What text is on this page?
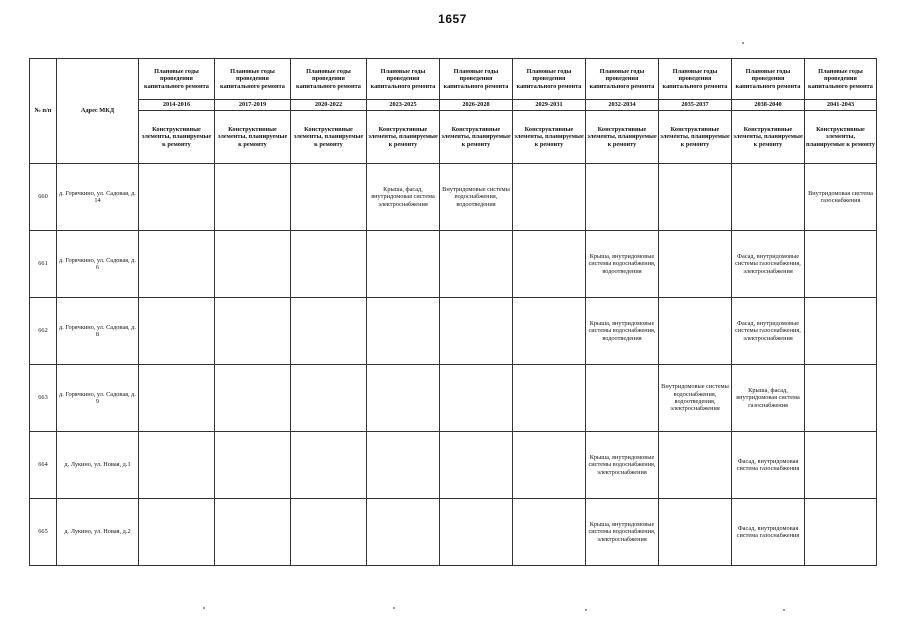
1657
№ п/п	Адрес МКД	Плановые годы проведения капитального ремонта	Плановые годы проведения капитального ремонта	Плановые годы проведения капитального ремонта	Плановые годы проведения капитального ремонта	Плановые годы проведения капитального ремонта	Плановые годы проведения капитального ремонта	Плановые годы проведения капитального ремонта	Плановые годы проведения капитального ремонта	Плановые годы проведения капитального ремонта	Плановые годы проведения капитального ремонта
		2014-2016	2017-2019	2020-2022	2023-2025	2026-2028	2029-2031	2032-2034	2035-2037	2038-2040	2041-2043
		Конструктивные элементы, планируемые к ремонту	Конструктивные элементы, планируемые к ремонту	Конструктивные элементы, планируемые к ремонту	Конструктивные элементы, планируемые к ремонту	Конструктивные элементы, планируемые к ремонту	Конструктивные элементы, планируемые к ремонту	Конструктивные элементы, планируемые к ремонту	Конструктивные элементы, планируемые к ремонту	Конструктивные элементы, планируемые к ремонту	Конструктивные элементы, планируемые к ремонту
660	д. Горячкино, ул. Садовая, д. 14				Крыша, фасад, внутридомовая система электроснабжения	Внутридомовые системы водоснабжения, водоотведения					Внутридомовая система газоснабжения
661	д. Горячкино, ул. Садовая, д. 6							Крыша, внутридомовые системы водоснабжения, водоотведения		Фасад, внутридомовые системы газоснабжения, электроснабжения	
662	д. Горячкино, ул. Садовая, д. 8							Крыша, внутридомовые системы водоснабжения, водоотведения		Фасад, внутридомовые системы газоснабжения, электроснабжения	
663	д. Горячкино, ул. Садовая, д. 9								Внутридомовые системы водоснабжения, водоотведения, электроснабжения	Крыша, фасад, внутридомовая система газоснабжения	
664	д. Лукино, ул. Новая, д.1							Крыша, внутридомовые системы водоснабжения, электроснабжения		Фасад, внутридомовая система газоснабжения	
665	д. Лукино, ул. Новая, д.2							Крыша, внутридомовые системы водоснабжения, электроснабжения		Фасад, внутридомовая система газоснабжения	
